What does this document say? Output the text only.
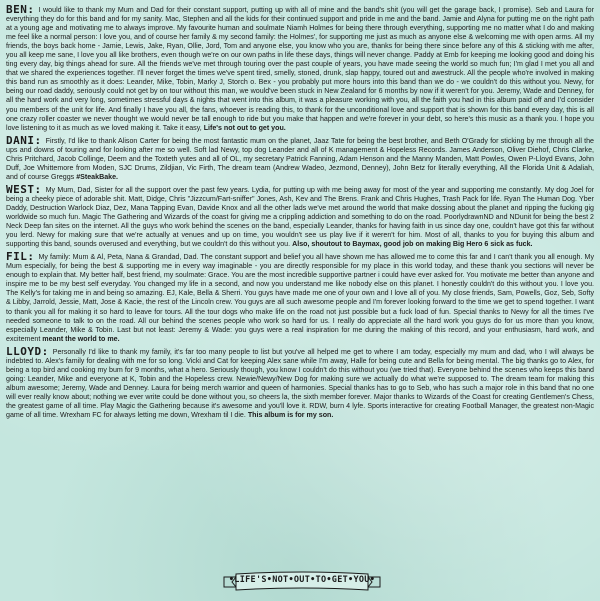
BEN: I would like to thank my Mum and Dad for their constant support, putting up with all of mine and the band's shit (you will get the garage back, I promise). Seb and Laura for everything they do for this band and for my sanity. Mac, Stephen and all the kids for their continued support and pride in me and the band. Jamie and Alyna for putting me on the right path at a young age and motivating me to always improve. My favourite human and soulmate Niamh Holmes for being there through everything, supporting me no matter what I do and making me feel like a normal person: I love you, and of course her family & my second family: the Holmes', for supporting me just as much as anyone else & welcoming me with open arms. All my friends, the boys back home - Jamie, Lewis, Jake, Ryan, Ollie, Jord, Tom and anyone else, you know who you are, thanks for being there since before any of this & sticking with me after, you all keep me sane, I love you all like brothers, even though we're on our own paths in life these days, things will never change. Paddy at Emb for keeping me looking good and doing his ting every day, big things ahead for sure. All the friends we've met through touring over the past couple of years, you have made seeing the world so much fun; I'm glad I met you all and that we shared the experiences together. I'll never forget the times we've spent tired, smelly, stoned, drunk, slap happy, toured out and awestruck. All the people who're involved in making this band run as smoothly as it does: Leander, Mike, Tobin, Marky J, Storch o. Bex - you probably put more hours into this band than we do - we couldn't do this without you. Newy, for being our road daddy, seriously could not get by on tour without this man, we would've been stuck in New Zealand for 6 months by now if it weren't for you. Jeremy, Wade and Denney, for all the hard work and very long, sometimes stressful days & nights that went into this album, it was a pleasure working with you, all the faith you had in this album paid off and I'd consider you members of the unit for life. And finally I have you all, the fans, whoever is reading this, to thank for the unconditional love and support that is shown for this band every day, this is all one crazy roller coaster we never thought we would never be tall enough to ride but you make that happen and we're forever in your debt, so here's this music as a thank you. I hope you love listening to it as much as we loved making it. Take it easy, Life's not out to get you.
DANI: Firstly, I'd like to thank Alison Carter for being the most fantastic mum on the planet, Jaaz Tate for being the best brother, and Beth O'Grady for sticking by me through all the ups and downs of touring and for looking after me so well. Soft lad Newy, top dog Leander and all of K management & Hopeless Records. James Anderson, Oliver Diehof, Chris Clarke, Chris Pritchard, Jacob Collinge, Deem and the Toxteth yutes and all of OL, my secretary Patrick Fanning, Adam Henson and the Manny Manden, Matt Powles, Owen P-Lloyd Evans, John Duff, Joe Whittemore from Moden, SJC Drums, Zildjian, Vic Firth, The dream team (Andrew Wadeo, Jezmond, Denney), John Betz for literally everything, All the Florida Unit & Adaliah, and of course Greggs #SteakBake.
WEST: My Mum, Dad, Sister for all the support over the past few years. Lydia, for putting up with me being away for most of the year and supporting me constantly. My dog Joel for being a cheeky piece of adorable shit. Matt, Didge, Chris "Jizzcum/Fart-sniffer" Jones, Ash, Kev and The Brens. Frank and Chris Hughes, Trash Pack for life. Ryan The Human Dog. Yber Daddy, Destruction Warlock Diaz, Dez, Mana Tapping Evan, Davide Knox and all the other lads we've met around the world that make dossing about the planet and ripping the fucking gig worldwide so much fun. Magic The Gathering and Wizards of the coast for giving me a crippling addiction and something to do on the road. PoorlydrawnND and NDunit for being the best 2 Neck Deep fan sites on the internet. All the guys who work behind the scenes on the band, especially Leander, thanks for having faith in us since day one, couldn't have got this far without you lerd. Newy for making sure that we're actually at venues and up on time, you wouldn't see us play live if it weren't for him. Most of all, thanks to you for buying this album and supporting this band, sounds overused and everything, but we couldn't do this without you. Also, shoutout to Baymax, good job on making Big Hero 6 sick as fuck.
FIL: My family: Mum & Al, Peta, Nana & Grandad, Dad. The constant support and belief you all have shown me has allowed me to come this far and I can't thank you all enough. My Mum especially, for being the best & supporting me in every way imaginable - you are directly responsible for my place in this world today, and these thank you sections will never be enough to explain that. My better half, best friend, my soulmate: Grace. You are the most incredible supportive partner i could have ever asked for. You motivate me better than anyone and inspire me to be my best self everyday. You changed my life in a second, and now you understand me like nobody else on this planet. I honestly couldn't do this without you. I love you. The Kelly's for taking me in and being so amazing. EJ, Kale, Bella & Sherri. You guys have made me one of your own and I love all of you. My close friends, Sam, Powells, Goz, Seb, Softy & Libby, Jarrold, Jessie, Matt, Jose & Kacie, the rest of the Lincoln crew. You guys are all such awesome people and I'm forever looking forward to the time we get to spend together. I want to thank you all for making it so hard to leave for tours. All the tour dogs who make life on the road not just possible but a fuck load of fun. Special thanks to Newy for all the times I've needed someone to talk to on the road. All our behind the scenes people who work so hard for us. I really do appreciate all the hard work you guys do for us more than you know, especially Leander, Mike & Tobin. Last but not least: Jeremy & Wade: you guys were a real inspiration for me during the making of this record, and your enthusiasm, hard work, and excitement meant the world to me.
LLOYD: Personally I'd like to thank my family, it's far too many people to list but you've all helped me get to where I am today, especially my mum and dad, who I will always be indebted to. Alex's family for dealing with me for so long. Vicki and Cat for keeping Alex sane while I'm away, Halle for being cute and Bella for being mental. The big thanks go to Alex, for being a top bird and cooking my bum for 9 months, what a hero. Seriously though, you know I couldn't do this without you (we tried that). Everyone behind the scenes who keeps this band going: Leander, Mike and everyone at K, Tobin and the Hopeless crew. Newie/Newy/New Dog for making sure we actually do what we're supposed to. The dream team for making this album awesome; Jeremy, Wade and Denney. Laura for being merch warrior and queen of harmonies. Special thanks has to go to Seb, who has such a major role in this band that no one will ever really know about; nothing we ever write could be done without you, so cheers la, the sixth member forever. Major thanks to Wizards of the Coast for creating Gentlemen's Chess, the greatest game of all time. Play Magic the Gathering because it's awesome and you'll love it. RDW, burn 4 lyfe. Sports interactive for creating Football Manager, the greatest non-Magic game of all time. Wrexham FC for always letting me down, Wrexham til I die. This album is for my son.
•LIFE'S•NOT•OUT•TO•GET•YOU•
